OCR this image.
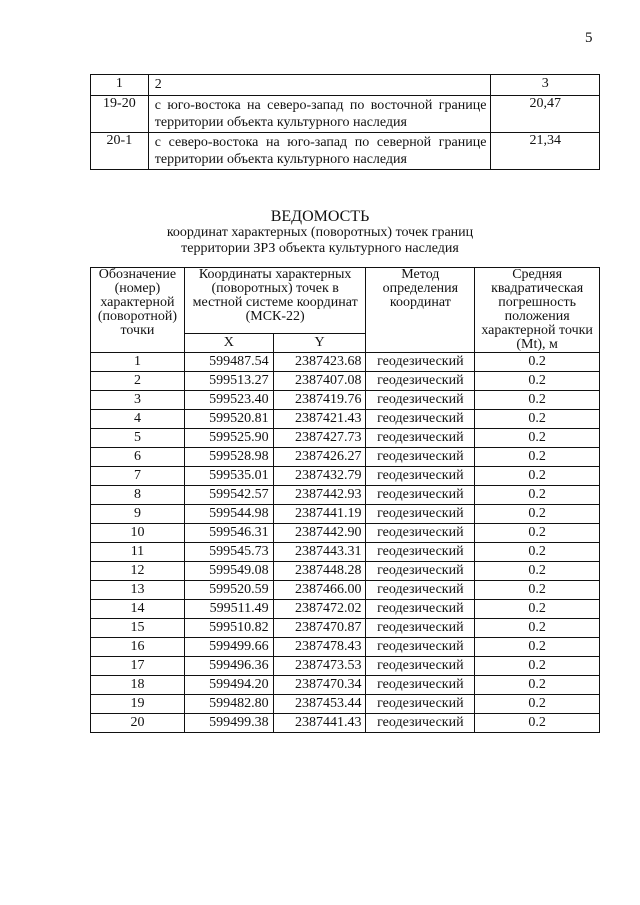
5
1	2	3
19-20	с юго-востока на северо-запад по восточной границе территории объекта культурного наследия	20,47
20-1	с северо-востока на юго-запад по северной границе территории объекта культурного наследия	21,34
ВЕДОМОСТЬ
координат характерных (поворотных) точек границ
территории ЗРЗ объекта культурного наследия
Обозначение (номер) характерной (поворотной) точки	Координаты характерных (поворотных) точек в местной системе координат (МСК-22)		Метод определения координат	Средняя квадратическая погрешность положения характерной точки (Mt), м
	X	Y		
1	599487.54	2387423.68	геодезический	0.2
2	599513.27	2387407.08	геодезический	0.2
3	599523.40	2387419.76	геодезический	0.2
4	599520.81	2387421.43	геодезический	0.2
5	599525.90	2387427.73	геодезический	0.2
6	599528.98	2387426.27	геодезический	0.2
7	599535.01	2387432.79	геодезический	0.2
8	599542.57	2387442.93	геодезический	0.2
9	599544.98	2387441.19	геодезический	0.2
10	599546.31	2387442.90	геодезический	0.2
11	599545.73	2387443.31	геодезический	0.2
12	599549.08	2387448.28	геодезический	0.2
13	599520.59	2387466.00	геодезический	0.2
14	599511.49	2387472.02	геодезический	0.2
15	599510.82	2387470.87	геодезический	0.2
16	599499.66	2387478.43	геодезический	0.2
17	599496.36	2387473.53	геодезический	0.2
18	599494.20	2387470.34	геодезический	0.2
19	599482.80	2387453.44	геодезический	0.2
20	599499.38	2387441.43	геодезический	0.2
